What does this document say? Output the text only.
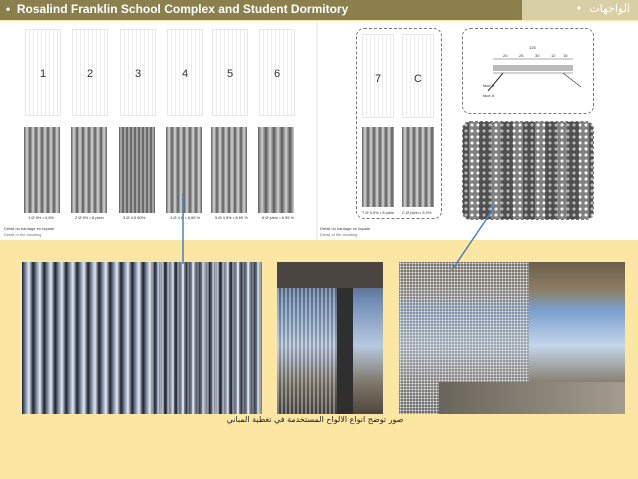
• Rosalind Franklin School Complex and Student Dormitory	الواجهات  •
1	2	3	4	5	6
1 Ø 5% • 0,5%	2 Ø 5% • 8 plein	3 Ø 4,5 60%	4 Ø 4 Ø • 8,55 %	5 Ø 4,5% • 8,65 %	6 Ø plein • 8,55 %
Détail du bardage en façade
Detail of the cladding
7	C
7 Ø 5,5% • 8 plein C Ø plein • 8 5%
125
20	25	30	12 15
face B
face A
Détail du bardage en façade
Detail of the cladding
صور توضح انواع الالواح المستخدمة في تغطية المباني
